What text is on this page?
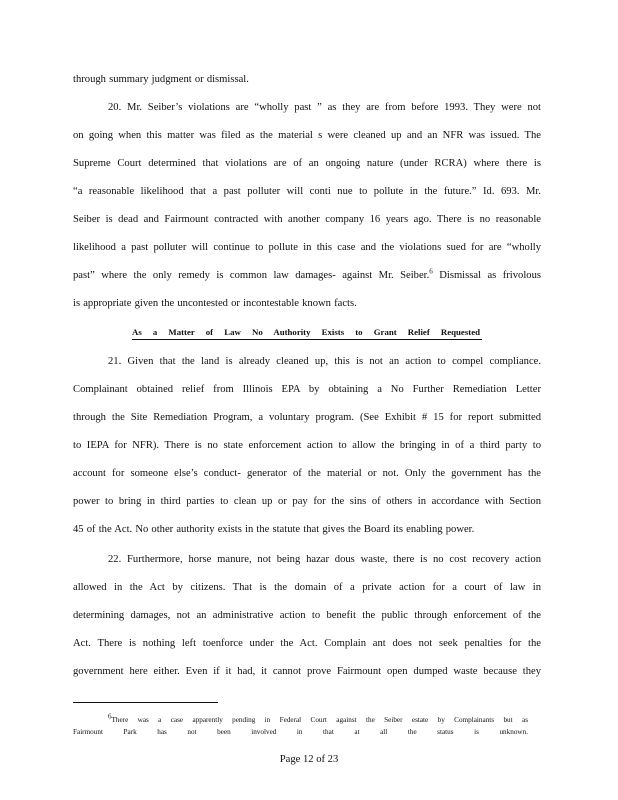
through summary judgment or dismissal.
20. Mr. Seiber’s violations are “wholly past ” as they are from before 1993. They were not
on going when this matter was filed as the material s were cleaned up and an NFR was issued. The
Supreme Court determined that violations are of an ongoing nature (under RCRA) where there is
“a reasonable likelihood that a past polluter will conti nue to pollute in the future.” Id. 693. Mr.
Seiber is dead and Fairmount contracted with another company 16 years ago. There is no reasonable
likelihood a past polluter will continue to pollute in this case and the violations sued for are “wholly
past” where the only remedy is common law damages- against Mr. Seiber.$^6$ Dismissal as frivolous
is appropriate given the uncontested or incontestable known facts.
As a Matter of Law No Authority Exists to Grant Relief Requested
21. Given that the land is already cleaned up, this is not an action to compel compliance.
Complainant obtained relief from Illinois EPA by obtaining a No Further Remediation Letter
through the Site Remediation Program, a voluntary program. (See Exhibit # 15 for report submitted
to IEPA for NFR). There is no state enforcement action to allow the bringing in of a third party to
account for someone else’s conduct- generator of the material or not. Only the government has the
power to bring in third parties to clean up or pay for the sins of others in accordance with Section
45 of the Act. No other authority exists in the statute that gives the Board its enabling power.
22. Furthermore, horse manure, not being hazar dous waste, there is no cost recovery action
allowed in the Act by citizens. That is the domain of a private action for a court of law in
determining damages, not an administrative action to benefit the public through enforcement of the
Act. There is nothing left toenforce under the Act. Complain ant does not seek penalties for the
government here either. Even if it had, it cannot prove Fairmount open dumped waste because they
$^6$There was a case apparently pending in Federal Court against the Seiber estate by Complainants but as
Fairmount Park has not been involved in that at all the status is unknown.
Page 12 of 23
